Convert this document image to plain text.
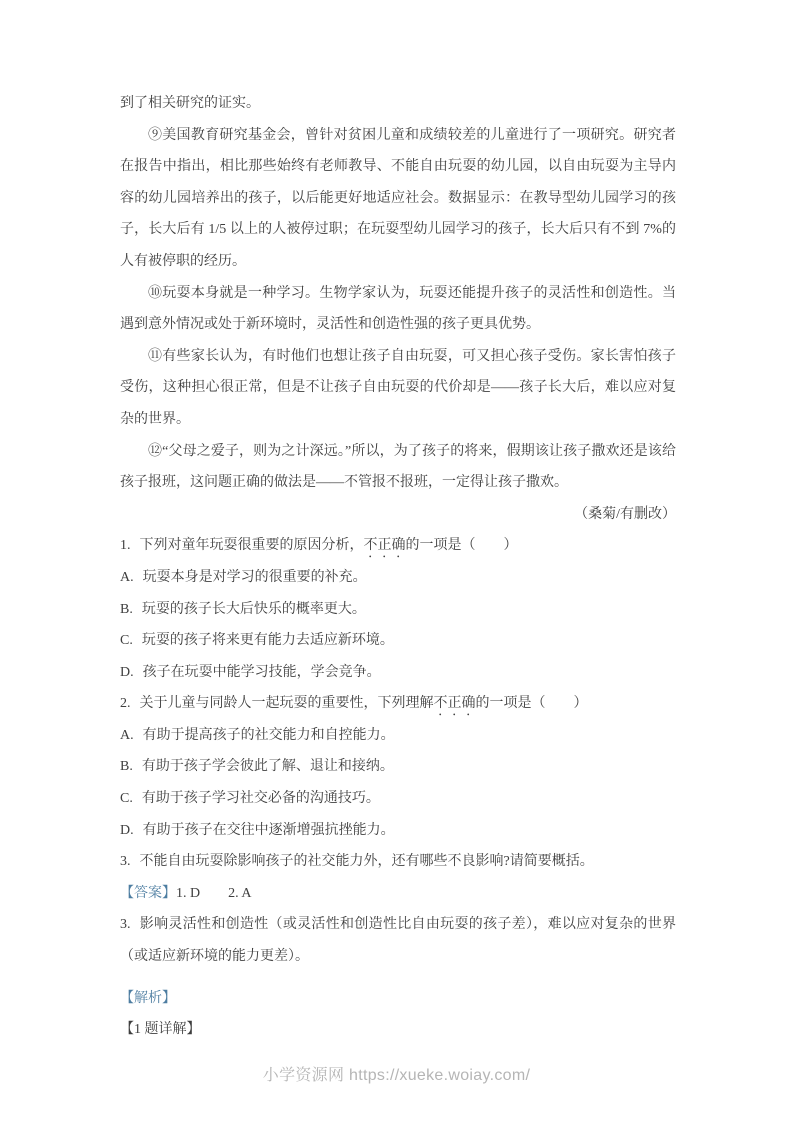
到了相关研究的证实。

⑨美国教育研究基金会，曾针对贫困儿童和成绩较差的儿童进行了一项研究。研究者在报告中指出，相比那些始终有老师教导、不能自由玩耍的幼儿园，以自由玩耍为主导内容的幼儿园培养出的孩子，以后能更好地适应社会。数据显示：在教导型幼儿园学习的孩子，长大后有 1/5 以上的人被停过职；在玩耍型幼儿园学习的孩子，长大后只有不到 7%的人有被停职的经历。

⑩玩耍本身就是一种学习。生物学家认为，玩耍还能提升孩子的灵活性和创造性。当遇到意外情况或处于新环境时，灵活性和创造性强的孩子更具优势。

⑪有些家长认为，有时他们也想让孩子自由玩耍，可又担心孩子受伤。家长害怕孩子受伤，这种担心很正常，但是不让孩子自由玩耍的代价却是——孩子长大后，难以应对复杂的世界。

⑫“父母之爱子，则为之计深远。”所以，为了孩子的将来，假期该让孩子撒欢还是该给孩子报班，这问题正确的做法是——不管报不报班，一定得让孩子撒欢。

（桑菊/有删改）

1. 下列对童年玩耍很重要的原因分析，不正确的一项是（　　）

A. 玩耍本身是对学习的很重要的补充。

B. 玩耍的孩子长大后快乐的概率更大。

C. 玩耍的孩子将来更有能力去适应新环境。

D. 孩子在玩耍中能学习技能，学会竞争。

2. 关于儿童与同龄人一起玩耍的重要性，下列理解不正确的一项是（　　）

A. 有助于提高孩子的社交能力和自控能力。

B. 有助于孩子学会彼此了解、退让和接纳。

C. 有助于孩子学习社交必备的沟通技巧。

D. 有助于孩子在交往中逐渐增强抗挫能力。

3. 不能自由玩耍除影响孩子的社交能力外，还有哪些不良影响?请简要概括。

【答案】1. D 2. A

3. 影响灵活性和创造性（或灵活性和创造性比自由玩耍的孩子差），难以应对复杂的世界（或适应新环境的能力更差）。

【解析】

【1 题详解】

小学资源网 https://xueke.woiay.com/
